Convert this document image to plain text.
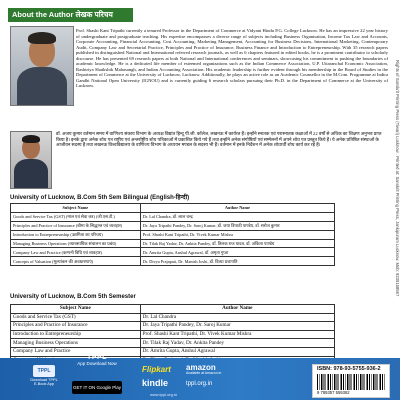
About the Author लेखक परिचय

Prof. Shashi Kant Tripathi currently a tenured Professor in the Department of Commerce at Vidyant Hindu P.G. College Lucknow. He has an impressive 22 year history of undergraduate and postgraduate teaching. His expertise encompasses a diverse range of subjects including Business Organisation, Income Tax Law and Accounts, Corporate Accounting, Financial Accounting, Cost Accounting, Marketing Management, Accounting for Business Decisions, International Marketing, Contemporary Audit, Company Law and Secretarial Practice, Principles and Practice of Insurance, Business Finance and Introduction to Entrepreneurship. With 35 research papers published in distinguished National and International referred research journals, as well as 6 chapters featured in edited books, he is a prominent contributor to scholarly discourse. He has presented 69 research papers at both National and International conferences and seminars, showcasing his commitment to pushing the boundaries of academic knowledge. He is a dedicated life member of esteemed organizations such as the Indian Commerce Association, U.P. Uttaranchal Economic Association, Rashtriya Shaikshik Mahasangh, and Indian Accounting Association. His academic leadership is further evident through his membership in the Board of Studies in the Department of Commerce at the University of Lucknow, Lucknow. Additionally, he plays an active role as an Academic Counsellor in the M.Com. Programme at Indira Gandhi National Open University (IGNOU) and is currently guiding 6 research scholars pursuing their Ph.D. in the Department of Commerce at the University of Lucknow.

डॉ. अजय कुमार वर्तमान समय में वाणिज्य संकाय विभाग के अध्यक्ष विद्यांत हिन्दू पी.जी. कॉलेज, लखनऊ में कार्यरत हैं। इन्होंने स्नातक एवं परास्नातक कक्षाओं में 22 वर्षों से अधिक का शिक्षण अनुभव प्राप्त किया है। इनके द्वारा अनेक शोध पत्र राष्ट्रीय एवं अन्तर्राष्ट्रीय शोध पत्रिकाओं में प्रकाशित किये गये हैं तथा इन्होंने अनेक संगोष्ठियों एवं सम्मेलनों में अपने शोध पत्र प्रस्तुत किये हैं। ये अनेक प्रतिष्ठित संस्थाओं के आजीवन सदस्य हैं तथा लखनऊ विश्वविद्यालय के वाणिज्य विभाग के अध्ययन मण्डल के सदस्य भी हैं। वर्तमान में इनके निर्देशन में अनेक शोधार्थी शोध कार्य कर रहे हैं।

University of Lucknow, B.Com 5th Sem Bilingual (English-हिन्दी)
Subject Name	Author Name
Goods and Service Tax (GST) (माल एवं सेवा कर) (जी.एस.टी.)	Dr. Lal Chandra, डॉ. लाल चन्द्र
Principles and Practice of Insurance (बीमा के सिद्धान्त एवं व्यवहार)	Dr. Jaya Tripathi Pandey, Dr. Saroj Kumar, डॉ. जया त्रिपाठी पाण्डेय, डॉ. सरोज कुमार
Introduction to Entrepreneurship (उद्यमिता का परिचय)	Prof. Shashi Kant Tripathi, Dr. Vivek Kumar Mishra
Managing Business Operations (व्यावसायिक संचालन का प्रबंध)	Dr. Tilak Raj Yadav, Dr. Ankita Pandey, डॉ. तिलक राज यादव, डॉ. अंकिता पाण्डेय
Company Law and Practice (कम्पनी विधि एवं व्यवहार)	Dr. Amrita Gupta, Anshul Agrawal, डॉ. अमृता गुप्ता
Concepts of Valuation (मूल्यांकन की अवधारणाएं)	Dr. Divya Prajapati, Dr. Manish Joshi, डॉ. दिव्या प्रजापति
University of Lucknow, B.Com 5th Semester
Subject Name	Author Name
Goods and Service Tax (GST)	Dr. Lal Chandra
Principles and Practice of Insurance	Dr. Jaya Tripathi Pandey, Dr. Saroj Kumar
Introduction to Entrepreneurship	Prof. Shashi Kant Tripathi, Dr. Vivek Kumar Mishra
Managing Business Operations	Dr. Tilak Raj Yadav, Dr. Ankita Pandey
Company Law and Practice	Dr. Amrita Gupta, Anshul Agrawal

Rights of Sanskrit Printing Press (Tiwari) Lucknow . Printed at: Sanskrit Printing Press, Jankipuram Lucknow. Mob: 9235158567
TPPL
Download TPPL E-Book App
TPPL
App Download Now
GET IT ON Google Play
Flipkart amazon
Available at Amazon.in
kindle	tppl.org.in
www.tppl.org.in
ISBN: 978-93-5755-936-2
9 789357 559362
